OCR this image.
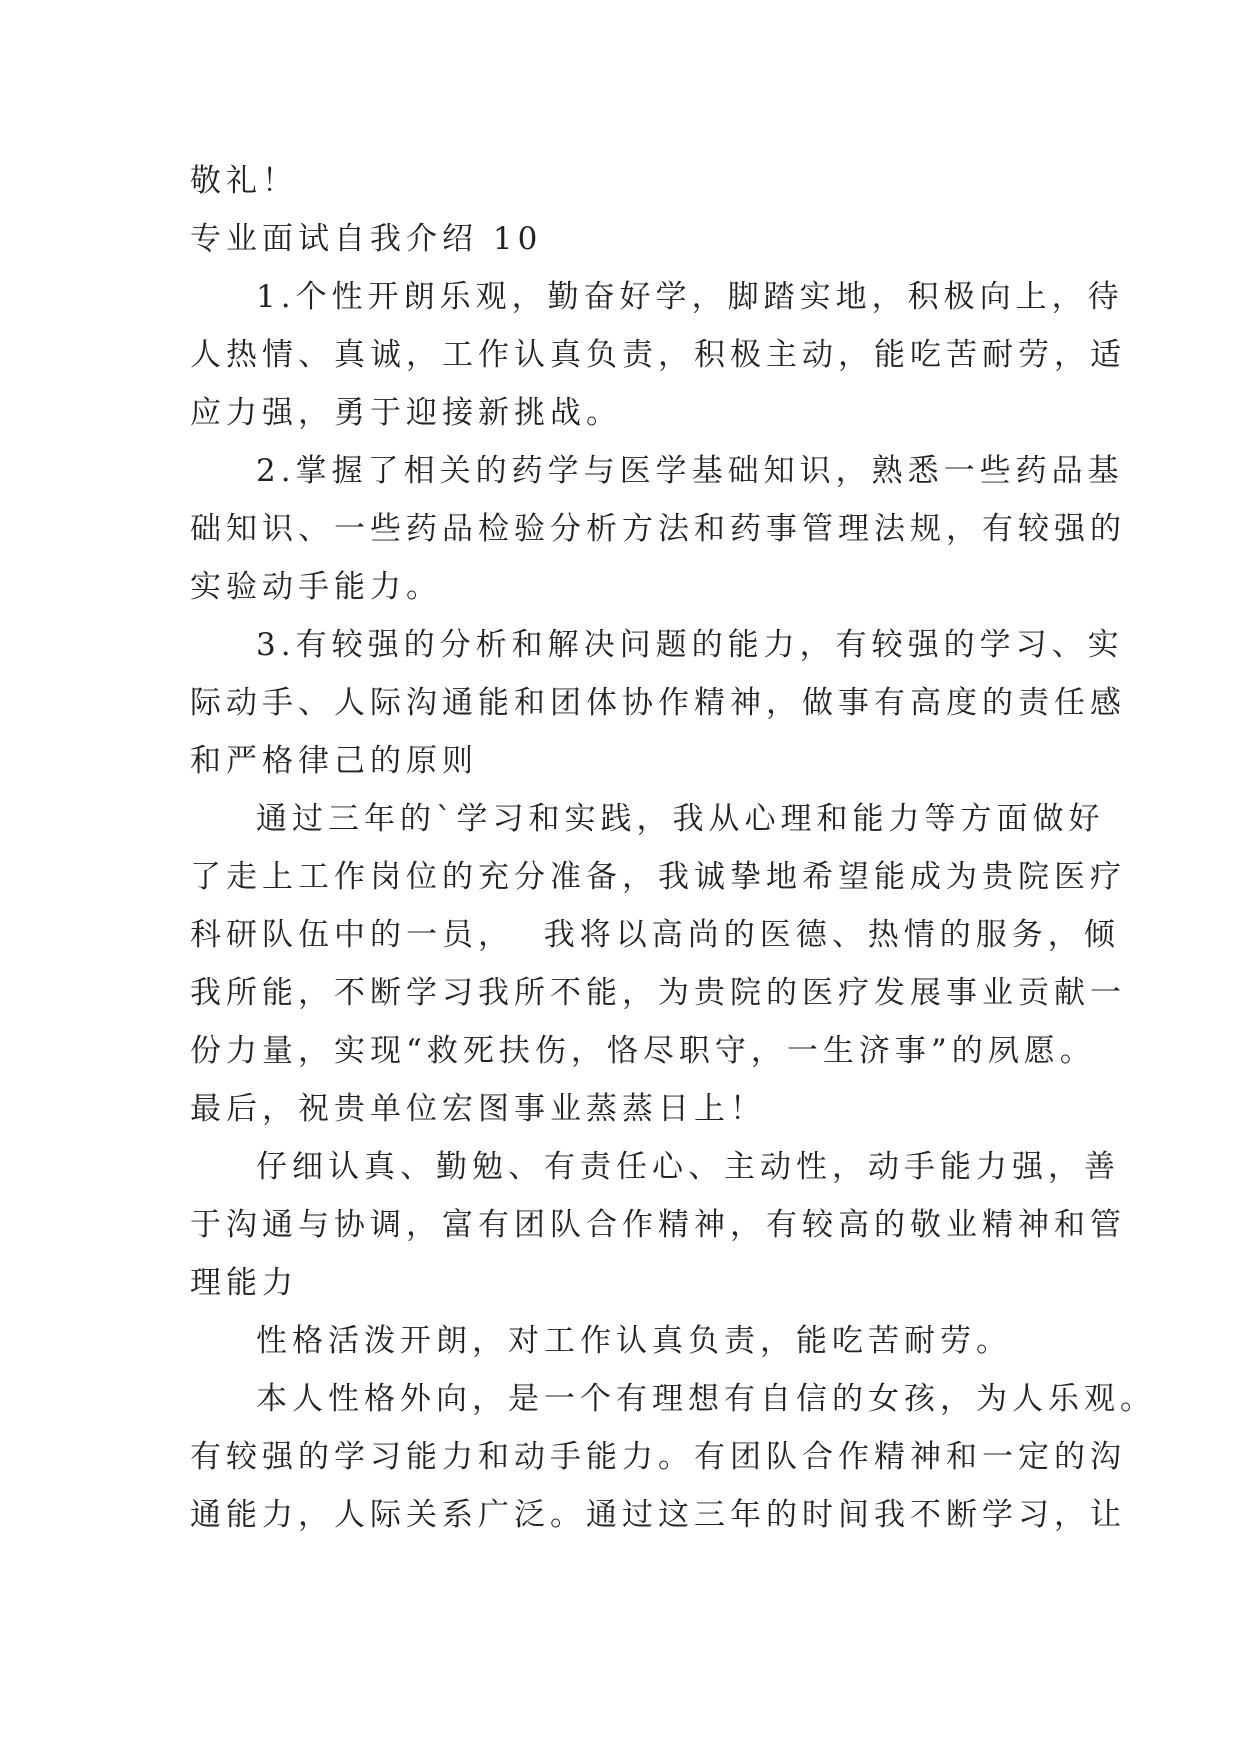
敬礼！
专业面试自我介绍 10
1.个性开朗乐观，勤奋好学，脚踏实地，积极向上，待
人热情、真诚，工作认真负责，积极主动，能吃苦耐劳，适
应力强，勇于迎接新挑战。
2.掌握了相关的药学与医学基础知识，熟悉一些药品基
础知识、一些药品检验分析方法和药事管理法规，有较强的
实验动手能力。
3.有较强的分析和解决问题的能力，有较强的学习、实
际动手、人际沟通能和团体协作精神，做事有高度的责任感
和严格律己的原则
通过三年的`学习和实践，我从心理和能力等方面做好
了走上工作岗位的充分准备，我诚挚地希望能成为贵院医疗
科研队伍中的一员，  我将以高尚的医德、热情的服务，倾
我所能，不断学习我所不能，为贵院的医疗发展事业贡献一
份力量，实现“救死扶伤，恪尽职守，一生济事”的夙愿。
最后，祝贵单位宏图事业蒸蒸日上！
仔细认真、勤勉、有责任心、主动性，动手能力强，善
于沟通与协调，富有团队合作精神，有较高的敬业精神和管
理能力
性格活泼开朗，对工作认真负责，能吃苦耐劳。
本人性格外向，是一个有理想有自信的女孩，为人乐观。
有较强的学习能力和动手能力。有团队合作精神和一定的沟
通能力，人际关系广泛。通过这三年的时间我不断学习，让
